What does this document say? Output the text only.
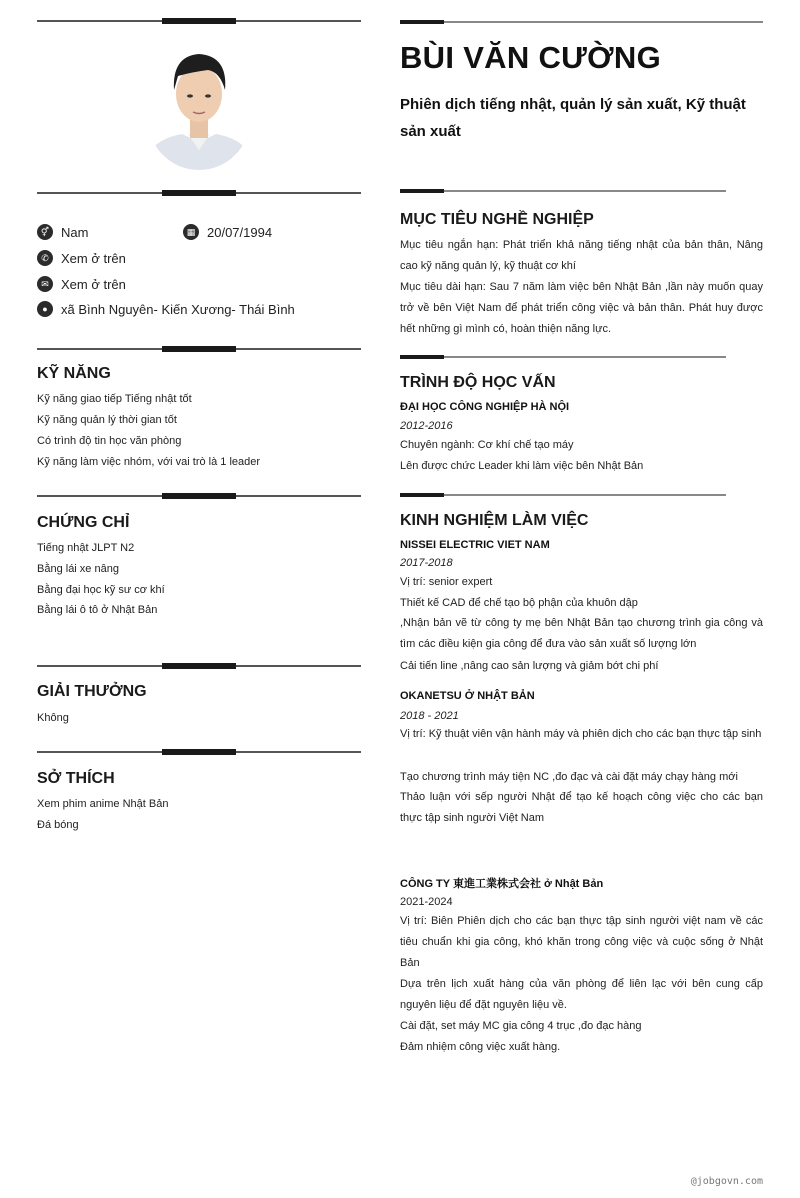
⚥ Nam	▦ 20/07/1994
✆ Xem ở trên
✉ Xem ở trên
●	xã Bình Nguyên- Kiến Xương- Thái Bình
KỸ NĂNG
Kỹ năng giao tiếp Tiếng nhật tốt
Kỹ năng quản lý thời gian tốt
Có trình độ tin học văn phòng
Kỹ năng làm việc nhóm, với vai trò là 1 leader
CHỨNG CHỈ
Tiếng nhật JLPT N2
Bằng lái xe nâng
Bằng đại học kỹ sư cơ khí
Bằng lái ô tô ở Nhật Bản
GIẢI THƯỞNG
Không
SỞ THÍCH
Xem phim anime Nhật Bản
Đá bóng
BÙI VĂN CƯỜNG
Phiên dịch tiếng nhật, quản lý sản xuất, Kỹ thuật sản xuất
MỤC TIÊU NGHỀ NGHIỆP
Mục tiêu ngắn hạn: Phát triển khả năng tiếng nhật của bản thân, Nâng cao kỹ năng quản lý, kỹ thuật cơ khí
Mục tiêu dài hạn: Sau 7 năm làm việc bên Nhật Bản ,lần này muốn quay trở về bên Việt Nam để phát triển công việc và bản thân. Phát huy được hết những gì mình có, hoàn thiện năng lực.
TRÌNH ĐỘ HỌC VẤN
ĐẠI HỌC CÔNG NGHIỆP HÀ NỘI
2012-2016
Chuyên ngành: Cơ khí chế tạo máy
Lên được chức Leader khi làm việc bên Nhật Bản
KINH NGHIỆM LÀM VIỆC
NISSEI ELECTRIC VIET NAM
2017-2018
Vị trí: senior expert
Thiết kế CAD để chế tạo bộ phận của khuôn dập
,Nhận bản vẽ từ công ty mẹ bên Nhật Bản tạo chương trình gia công và tìm các điều kiện gia công để đưa vào sản xuất số lượng lớn
Cải tiến line ,nâng cao sản lượng và giảm bớt chi phí
OKANETSU Ở NHẬT BẢN
2018 - 2021
Vị trí: Kỹ thuật viên vận hành máy và phiên dịch cho các bạn thực tập sinh
Tạo chương trình máy tiện NC ,đo đạc và cài đặt máy chạy hàng mới
Thảo luận với sếp người Nhật để tạo kế hoạch công việc cho các bạn thực tập sinh người Việt Nam
CÔNG TY 東進工業株式会社 ở Nhật Bản
2021-2024
Vị trí: Biên Phiên dịch cho các bạn thực tập sinh người việt nam về các tiêu chuẩn khi gia công, khó khăn trong công việc và cuộc sống ở Nhật Bản
Dựa trên lịch xuất hàng của văn phòng để liên lạc với bên cung cấp nguyên liệu để đặt nguyên liệu về.
Cài đặt, set máy MC gia công 4 trục ,đo đạc hàng
Đảm nhiệm công việc xuất hàng.
@jobgovn.com
